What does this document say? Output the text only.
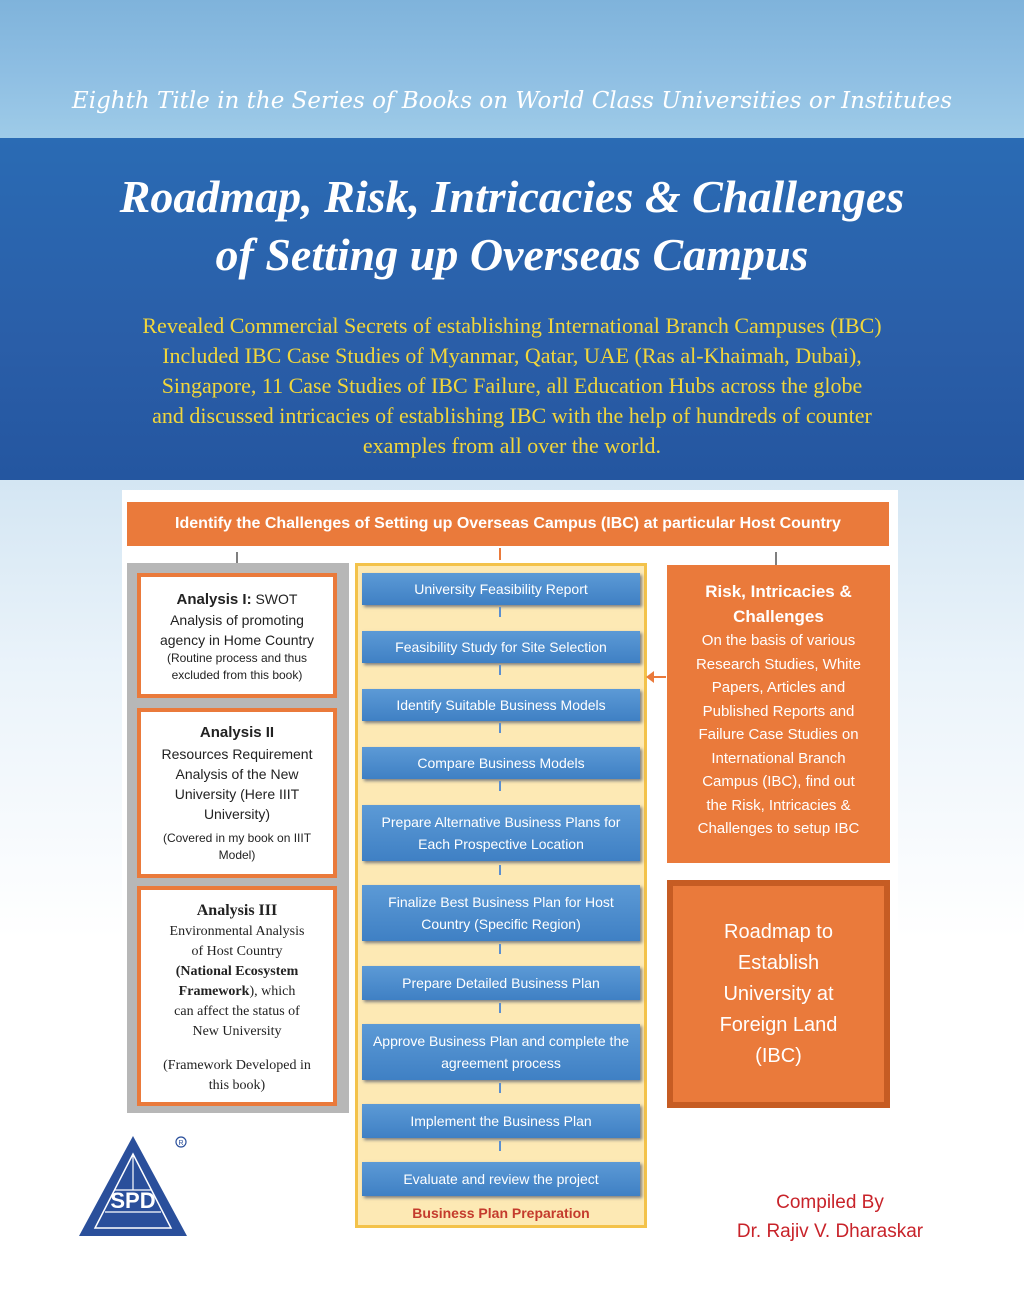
Eighth Title in the Series of Books on World Class Universities or Institutes
Roadmap, Risk, Intricacies & Challenges
of Setting up Overseas Campus
Revealed Commercial Secrets of establishing International Branch Campuses (IBC)
Included IBC Case Studies of Myanmar, Qatar, UAE (Ras al-Khaimah, Dubai),
Singapore, 11 Case Studies of IBC Failure, all Education Hubs across the globe
and discussed intricacies of establishing IBC with the help of hundreds of counter
examples from all over the world.
Identify the Challenges of Setting up Overseas Campus (IBC) at particular Host Country
Analysis I: SWOT
Analysis of promoting
agency in Home Country
(Routine process and thus
excluded from this book)
Analysis II
Resources Requirement
Analysis of the New
University (Here IIIT
University)
(Covered in my book on IIIT
Model)
Analysis III
Environmental Analysis
of Host Country
(National Ecosystem
Framework), which
can affect the status of
New University
(Framework Developed in
this book)
University Feasibility Report
Feasibility Study for Site Selection
Identify Suitable Business Models
Compare Business Models
Prepare Alternative Business Plans for Each Prospective Location
Finalize Best Business Plan for Host Country (Specific Region)
Prepare Detailed Business Plan
Approve Business Plan and complete the agreement process
Implement the Business Plan
Evaluate and review the project
Business Plan Preparation
Risk, Intricacies &
Challenges
On the basis of various
Research Studies, White
Papers, Articles and
Published Reports and
Failure Case Studies on
International Branch
Campus (IBC), find out
the Risk, Intricacies &
Challenges to setup IBC
Roadmap to
Establish
University at
Foreign Land
(IBC)
R
SPD	Compiled By
Dr. Rajiv V. Dharaskar
